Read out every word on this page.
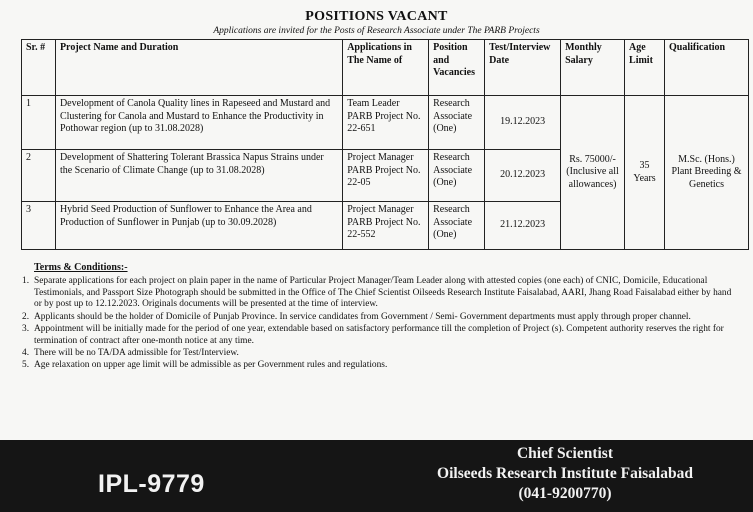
POSITIONS VACANT
Applications are invited for the Posts of Research Associate under The PARB Projects
Sr. #	Project Name and Duration	Applications in The Name of	Position and Vacancies	Test/Interview Date	Monthly Salary	Age Limit	Qualification
1	Development of Canola Quality lines in Rapeseed and Mustard and Clustering for Canola and Mustard to Enhance the Productivity in Pothowar region (up to 31.08.2028)	Team Leader PARB Project No. 22-651	Research Associate (One)	19.12.2023	Rs. 75000/- (Inclusive all allowances)	35 Years	M.Sc. (Hons.) Plant Breeding & Genetics
2	Development of Shattering Tolerant Brassica Napus Strains under the Scenario of Climate Change (up to 31.08.2028)	Project Manager PARB Project No. 22-05	Research Associate (One)	20.12.2023			
3	Hybrid Seed Production of Sunflower to Enhance the Area and Production of Sunflower in Punjab (up to 30.09.2028)	Project Manager PARB Project No. 22-552	Research Associate (One)	21.12.2023			
Terms & Conditions:-
1. Separate applications for each project on plain paper in the name of Particular Project Manager/Team Leader along with attested copies (one each) of CNIC, Domicile, Educational Testimonials, and Passport Size Photograph should be submitted in the Office of The Chief Scientist Oilseeds Research Institute Faisalabad, AARI, Jhang Road Faisalabad either by hand or by post up to 12.12.2023. Originals documents will be presented at the time of interview.
2. Applicants should be the holder of Domicile of Punjab Province. In service candidates from Government / Semi- Government departments must apply through proper channel.
3. Appointment will be initially made for the period of one year, extendable based on satisfactory performance till the completion of Project (s). Competent authority reserves the right for termination of contract after one-month notice at any time.
4. There will be no TA/DA admissible for Test/Interview.
5. Age relaxation on upper age limit will be admissible as per Government rules and regulations.
IPL-9779
Chief Scientist
Oilseeds Research Institute Faisalabad
(041-9200770)
